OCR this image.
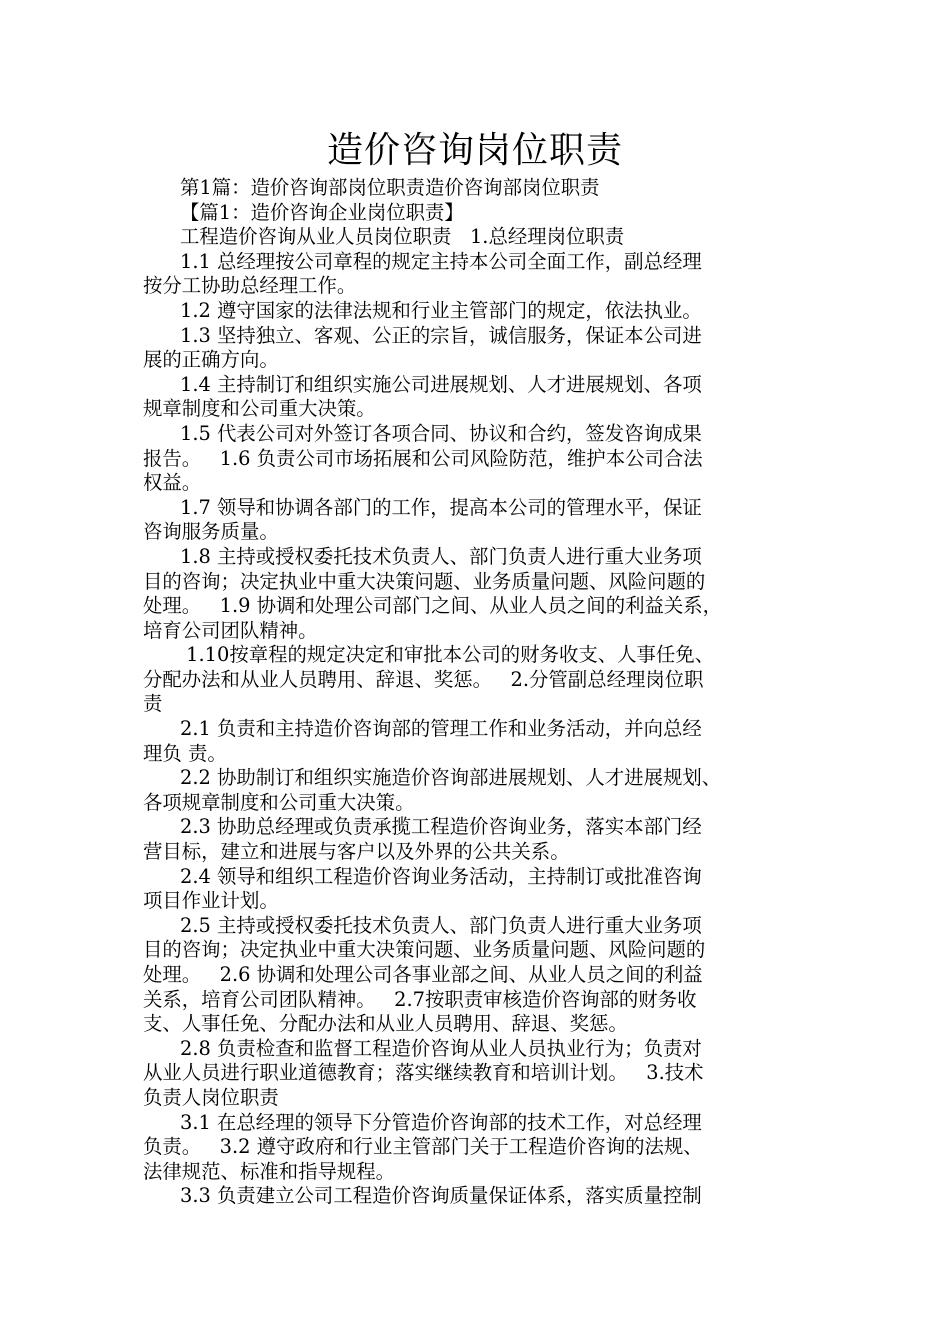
造价咨询岗位职责

第1篇：造价咨询部岗位职责造价咨询部岗位职责

【篇1：造价咨询企业岗位职责】

工程造价咨询从业人员岗位职责   1.总经理岗位职责

1.1 总经理按公司章程的规定主持本公司全面工作，副总经理

按分工协助总经理工作。

1.2 遵守国家的法律法规和行业主管部门的规定，依法执业。

1.3 坚持独立、客观、公正的宗旨，诚信服务，保证本公司进

展的正确方向。

1.4 主持制订和组织实施公司进展规划、人才进展规划、各项

规章制度和公司重大决策。

1.5 代表公司对外签订各项合同、协议和合约，签发咨询成果

报告。   1.6 负责公司市场拓展和公司风险防范，维护本公司合法

权益。

1.7 领导和协调各部门的工作，提高本公司的管理水平，保证

咨询服务质量。

1.8 主持或授权委托技术负责人、部门负责人进行重大业务项

目的咨询；决定执业中重大决策问题、业务质量问题、风险问题的

处理。   1.9 协调和处理公司部门之间、从业人员之间的利益关系，

培育公司团队精神。

1.10按章程的规定决定和审批本公司的财务收支、人事任免、

分配办法和从业人员聘用、辞退、奖惩。   2.分管副总经理岗位职

责

2.1 负责和主持造价咨询部的管理工作和业务活动，并向总经

理负 责。

2.2 协助制订和组织实施造价咨询部进展规划、人才进展规划、

各项规章制度和公司重大决策。

2.3 协助总经理或负责承揽工程造价咨询业务，落实本部门经

营目标，建立和进展与客户以及外界的公共关系。

2.4 领导和组织工程造价咨询业务活动，主持制订或批准咨询

项目作业计划。

2.5 主持或授权委托技术负责人、部门负责人进行重大业务项

目的咨询；决定执业中重大决策问题、业务质量问题、风险问题的

处理。   2.6 协调和处理公司各事业部之间、从业人员之间的利益

关系，培育公司团队精神。   2.7按职责审核造价咨询部的财务收

支、人事任免、分配办法和从业人员聘用、辞退、奖惩。

2.8 负责检查和监督工程造价咨询从业人员执业行为；负责对

从业人员进行职业道德教育；落实继续教育和培训计划。   3.技术

负责人岗位职责

3.1 在总经理的领导下分管造价咨询部的技术工作，对总经理

负责。   3.2 遵守政府和行业主管部门关于工程造价咨询的法规、

法律规范、标准和指导规程。

3.3 负责建立公司工程造价咨询质量保证体系，落实质量控制
